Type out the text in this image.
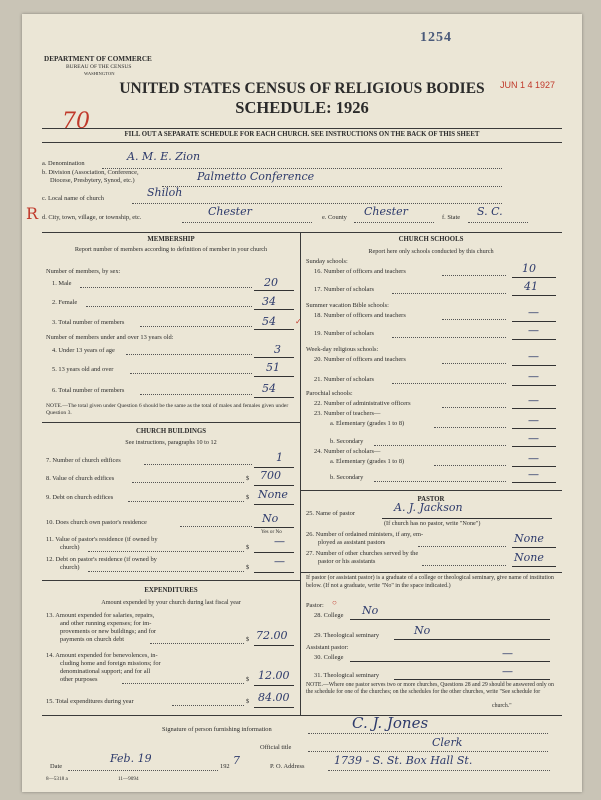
1254
DEPARTMENT OF COMMERCE
BUREAU OF THE CENSUS
WASHINGTON
JUN 1 4 1927
UNITED STATES CENSUS OF RELIGIOUS BODIES
SCHEDULE: 1926
70
FILL OUT A SEPARATE SCHEDULE FOR EACH CHURCH. SEE INSTRUCTIONS ON THE BACK OF THIS SHEET
a. Denomination
A. M. E. Zion
b. Division (Association, Conference,
Diocese, Presbytery, Synod, etc.)	Palmetto Conference
c. Local name of church	Shiloh
R d. City, town, village, or township, etc.	Chester	e. County Chester	f. State S. C.
MEMBERSHIP
Report number of members according to definition of member in your church
Number of members, by sex:
1. Male	20
2. Female	34
3. Total number of members	54 ✓
Number of members under and over 13 years old:
4. Under 13 years of age	3
5. 13 years old and over	51
6. Total number of members	54
NOTE.—The total given under Question 6 should be the same as the total of males and females given under Question 3.
CHURCH BUILDINGS
See instructions, paragraphs 10 to 12
7. Number of church edifices	1
8. Value of church edifices	$ 700
9. Debt on church edifices	$ None
10. Does church own pastor's residence	No
Yes or No
11. Value of pastor's residence (if owned by
church)	$ —
12. Debt on pastor's residence (if owned by
church)	$ —
EXPENDITURES
Amount expended by your church during last fiscal year
13. Amount expended for salaries, repairs,
and other running expenses; for im-
provements or new buildings; and for
payments on church debt	$ 72.00
14. Amount expended for benevolences, in-
cluding home and foreign missions; for
denominational support; and for all
other purposes	$ 12.00
15. Total expenditures during year	$ 84.00
CHURCH SCHOOLS
Report here only schools conducted by this church
Sunday schools:
16. Number of officers and teachers	10
17. Number of scholars	41
Summer vacation Bible schools:
18. Number of officers and teachers	—
19. Number of scholars	—
Week-day religious schools:
20. Number of officers and teachers	—
21. Number of scholars	—
Parochial schools:
22. Number of administrative officers	—
23. Number of teachers—
a. Elementary (grades 1 to 8)	—
b. Secondary	—
24. Number of scholars—
a. Elementary (grades 1 to 8)	—
b. Secondary	—
PASTOR
25. Name of pastor	A. J. Jackson
(If church has no pastor, write "None")
26. Number of ordained ministers, if any, em-
ployed as assistant pastors	None
27. Number of other churches served by the
pastor or his assistants	None
If pastor (or assistant pastor) is a graduate of a college or theological seminary, give name of institution below. (If not a graduate, write "No" in the space indicated.)
Pastor: ○
28. College No
29. Theological seminary	No
Assistant pastor:
30. College	—
31. Theological seminary	—
NOTE.—Where one pastor serves two or more churches, Questions 28 and 29 should be answered only on the schedule for one of the churches; on the schedules for the other churches, write "See schedule for
church."
Signature of person furnishing information	C. J. Jones
Official title	Clerk
Date
Feb. 19
192 7	P. O. Address	1739 - S. St. Box Hall St.
8—5318 a	11—9094
